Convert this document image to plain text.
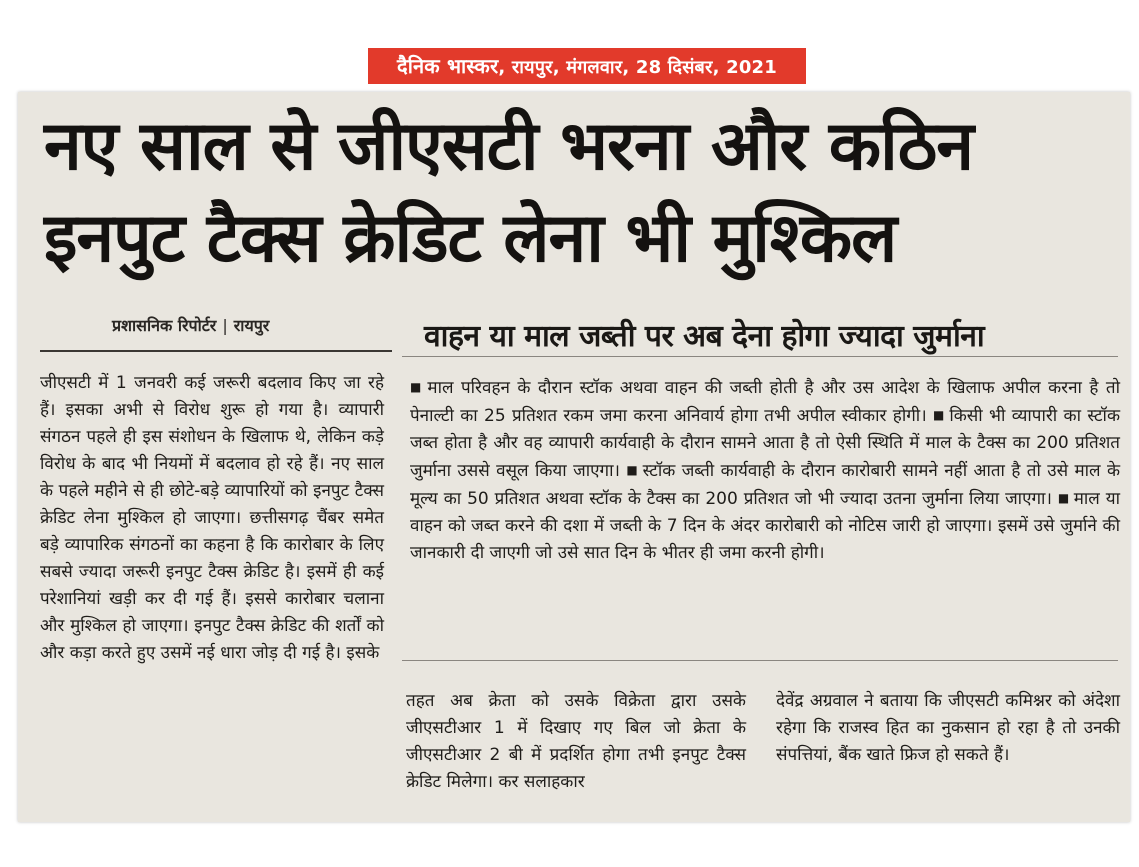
दैनिक भास्कर, रायपुर, मंगलवार, 28 दिसंबर, 2021
नए साल से जीएसटी भरना और कठिन
इनपुट टैक्स क्रेडिट लेना भी मुश्किल
प्रशासनिक रिपोर्टर | रायपुर	वाहन या माल जब्ती पर अब देना होगा ज्यादा जुर्माना
जीएसटी में 1 जनवरी कई जरूरी बदलाव किए जा रहे हैं। इसका अभी से विरोध शुरू हो गया है। व्यापारी संगठन पहले ही इस संशोधन के खिलाफ थे, लेकिन कड़े विरोध के बाद भी नियमों में बदलाव हो रहे हैं। नए साल के पहले महीने से ही छोटे-बड़े व्यापारियों को इनपुट टैक्स क्रेडिट लेना मुश्किल हो जाएगा। छत्तीसगढ़ चैंबर समेत बड़े व्यापारिक संगठनों का कहना है कि कारोबार के लिए सबसे ज्यादा जरूरी इनपुट टैक्स क्रेडिट है। इसमें ही कई परेशानियां खड़ी कर दी गई हैं। इससे कारोबार चलाना और मुश्किल हो जाएगा। इनपुट टैक्स क्रेडिट की शर्तों को और कड़ा करते हुए उसमें नई धारा जोड़ दी गई है। इसके
■ माल परिवहन के दौरान स्टॉक अथवा वाहन की जब्ती होती है और उस आदेश के खिलाफ अपील करना है तो पेनाल्टी का 25 प्रतिशत रकम जमा करना अनिवार्य होगा तभी अपील स्वीकार होगी। ■ किसी भी व्यापारी का स्टॉक जब्त होता है और वह व्यापारी कार्यवाही के दौरान सामने आता है तो ऐसी स्थिति में माल के टैक्स का 200 प्रतिशत जुर्माना उससे वसूल किया जाएगा। ■ स्टॉक जब्ती कार्यवाही के दौरान कारोबारी सामने नहीं आता है तो उसे माल के मूल्य का 50 प्रतिशत अथवा स्टॉक के टैक्स का 200 प्रतिशत जो भी ज्यादा उतना जुर्माना लिया जाएगा। ■ माल या वाहन को जब्त करने की दशा में जब्ती के 7 दिन के अंदर कारोबारी को नोटिस जारी हो जाएगा। इसमें उसे जुर्माने की जानकारी दी जाएगी जो उसे सात दिन के भीतर ही जमा करनी होगी।
तहत अब क्रेता को उसके विक्रेता द्वारा उसके जीएसटीआर 1 में दिखाए गए बिल जो क्रेता के जीएसटीआर 2 बी में प्रदर्शित होगा तभी इनपुट टैक्स क्रेडिट मिलेगा। कर सलाहकार
देवेंद्र अग्रवाल ने बताया कि जीएसटी कमिश्नर को अंदेशा रहेगा कि राजस्व हित का नुकसान हो रहा है तो उनकी संपत्तियां, बैंक खाते फ्रिज हो सकते हैं।
